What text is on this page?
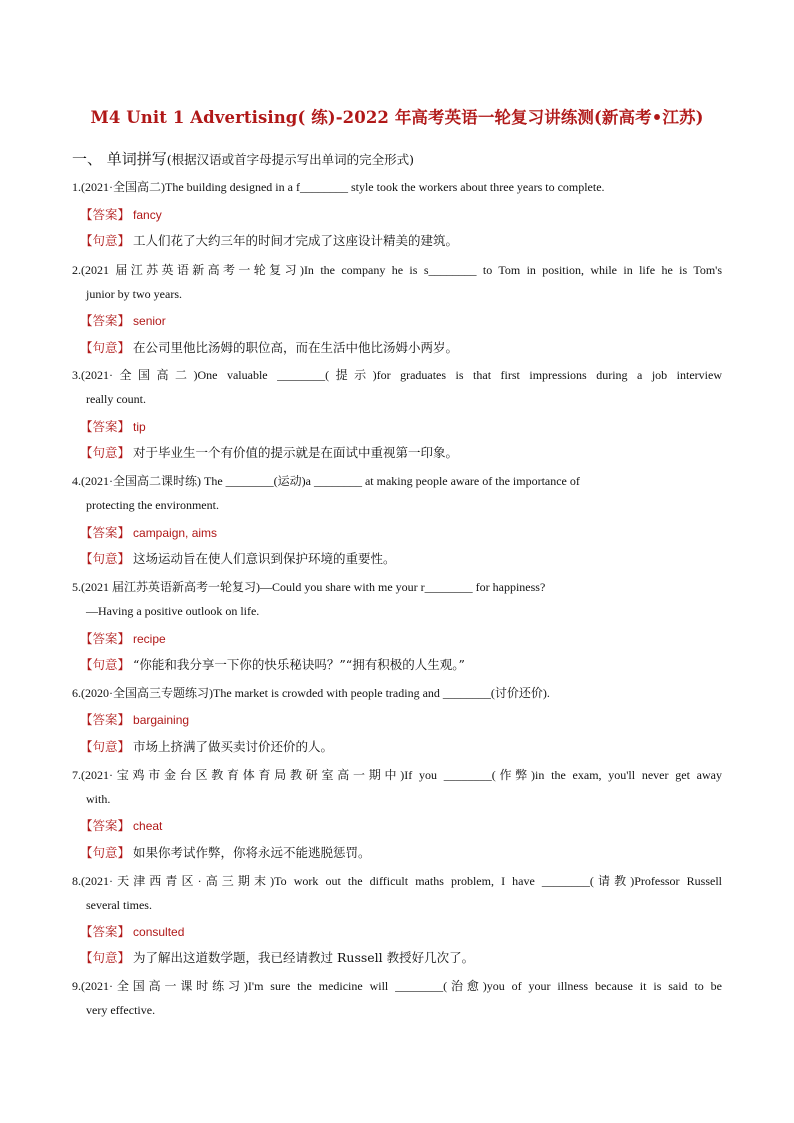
M4 Unit 1 Advertising( 练)-2022 年高考英语一轮复习讲练测(新高考•江苏)
一、 单词拼写(根据汉语或首字母提示写出单词的完全形式)
1.(2021·全国高二)The building designed in a f________ style took the workers about three years to complete.
【答案】 fancy
【句意】 工人们花了大约三年的时间才完成了这座设计精美的建筑。
2.(2021 届江苏英语新高考一轮复习)In the company he is s________ to Tom in position, while in life he is Tom's
junior by two years.
【答案】 senior
【句意】 在公司里他比汤姆的职位高，而在生活中他比汤姆小两岁。
3.(2021·全国高二)One valuable ________(提示)for graduates is that first impressions during a job interview
really count.
【答案】 tip
【句意】 对于毕业生一个有价值的提示就是在面试中重视第一印象。
4.(2021·全国高二课时练) The ________(运动)a ________ at making people aware of the importance of
protecting the environment.
【答案】 campaign, aims
【句意】 这场运动旨在使人们意识到保护环境的重要性。
5.(2021 届江苏英语新高考一轮复习)—Could you share with me your r________ for happiness?
—Having a positive outlook on life.
【答案】 recipe
【句意】 “你能和我分享一下你的快乐秘诀吗？”“拥有积极的人生观。”
6.(2020·全国高三专题练习)The market is crowded with people trading and ________(讨价还价).
【答案】 bargaining
【句意】 市场上挤满了做买卖讨价还价的人。
7.(2021·宝鸡市金台区教育体育局教研室高一期中)If you ________(作弊)in the exam, you'll never get away
with.
【答案】 cheat
【句意】 如果你考试作弊，你将永远不能逃脱惩罚。
8.(2021·天津西青区·高三期末)To work out the difficult maths problem, I have ________(请教)Professor Russell
several times.
【答案】 consulted
【句意】 为了解出这道数学题，我已经请教过 Russell 教授好几次了。
9.(2021·全国高一课时练习)I'm sure the medicine will ________(治愈)you of your illness because it is said to be
very effective.
